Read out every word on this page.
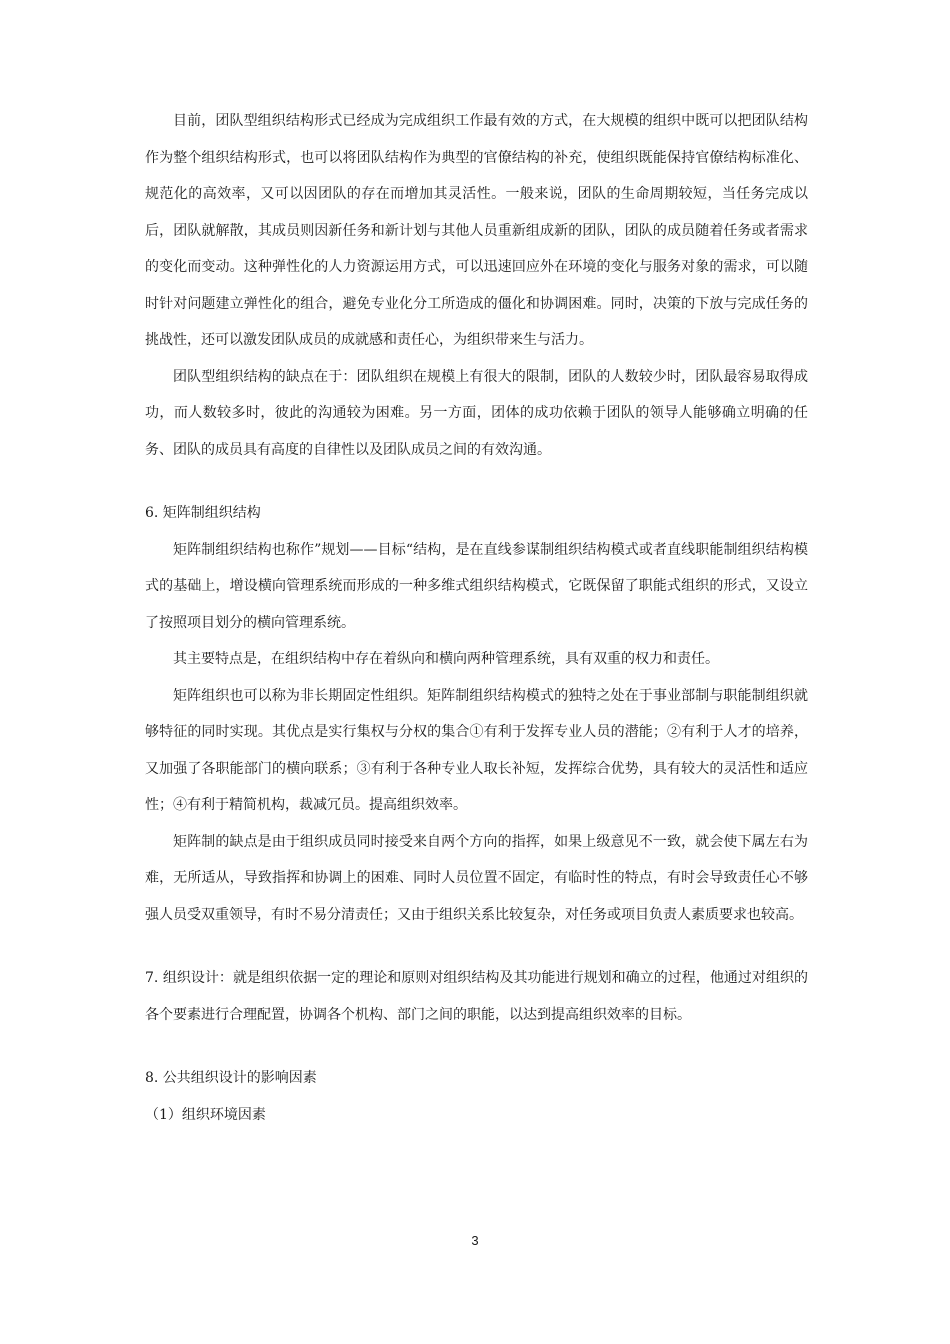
目前，团队型组织结构形式已经成为完成组织工作最有效的方式，在大规模的组织中既可以把团队结构作为整个组织结构形式，也可以将团队结构作为典型的官僚结构的补充，使组织既能保持官僚结构标准化、规范化的高效率，又可以因团队的存在而增加其灵活性。一般来说，团队的生命周期较短，当任务完成以后，团队就解散，其成员则因新任务和新计划与其他人员重新组成新的团队，团队的成员随着任务或者需求的变化而变动。这种弹性化的人力资源运用方式，可以迅速回应外在环境的变化与服务对象的需求，可以随时针对问题建立弹性化的组合，避免专业化分工所造成的僵化和协调困难。同时，决策的下放与完成任务的挑战性，还可以激发团队成员的成就感和责任心，为组织带来生与活力。

团队型组织结构的缺点在于：团队组织在规模上有很大的限制，团队的人数较少时，团队最容易取得成功，而人数较多时，彼此的沟通较为困难。另一方面，团体的成功依赖于团队的领导人能够确立明确的任务、团队的成员具有高度的自律性以及团队成员之间的有效沟通。

6. 矩阵制组织结构

矩阵制组织结构也称作”规划——目标“结构，是在直线参谋制组织结构模式或者直线职能制组织结构模式的基础上，增设横向管理系统而形成的一种多维式组织结构模式，它既保留了职能式组织的形式，又设立了按照项目划分的横向管理系统。

其主要特点是，在组织结构中存在着纵向和横向两种管理系统，具有双重的权力和责任。

矩阵组织也可以称为非长期固定性组织。矩阵制组织结构模式的独特之处在于事业部制与职能制组织就够特征的同时实现。其优点是实行集权与分权的集合①有利于发挥专业人员的潜能；②有利于人才的培养，又加强了各职能部门的横向联系；③有利于各种专业人取长补短，发挥综合优势，具有较大的灵活性和适应性；④有利于精简机构，裁减冗员。提高组织效率。

矩阵制的缺点是由于组织成员同时接受来自两个方向的指挥，如果上级意见不一致，就会使下属左右为难，无所适从，导致指挥和协调上的困难、同时人员位置不固定，有临时性的特点，有时会导致责任心不够强人员受双重领导，有时不易分清责任；又由于组织关系比较复杂，对任务或项目负责人素质要求也较高。

7. 组织设计：就是组织依据一定的理论和原则对组织结构及其功能进行规划和确立的过程，他通过对组织的各个要素进行合理配置，协调各个机构、部门之间的职能，以达到提高组织效率的目标。

8. 公共组织设计的影响因素

（1）组织环境因素

3
